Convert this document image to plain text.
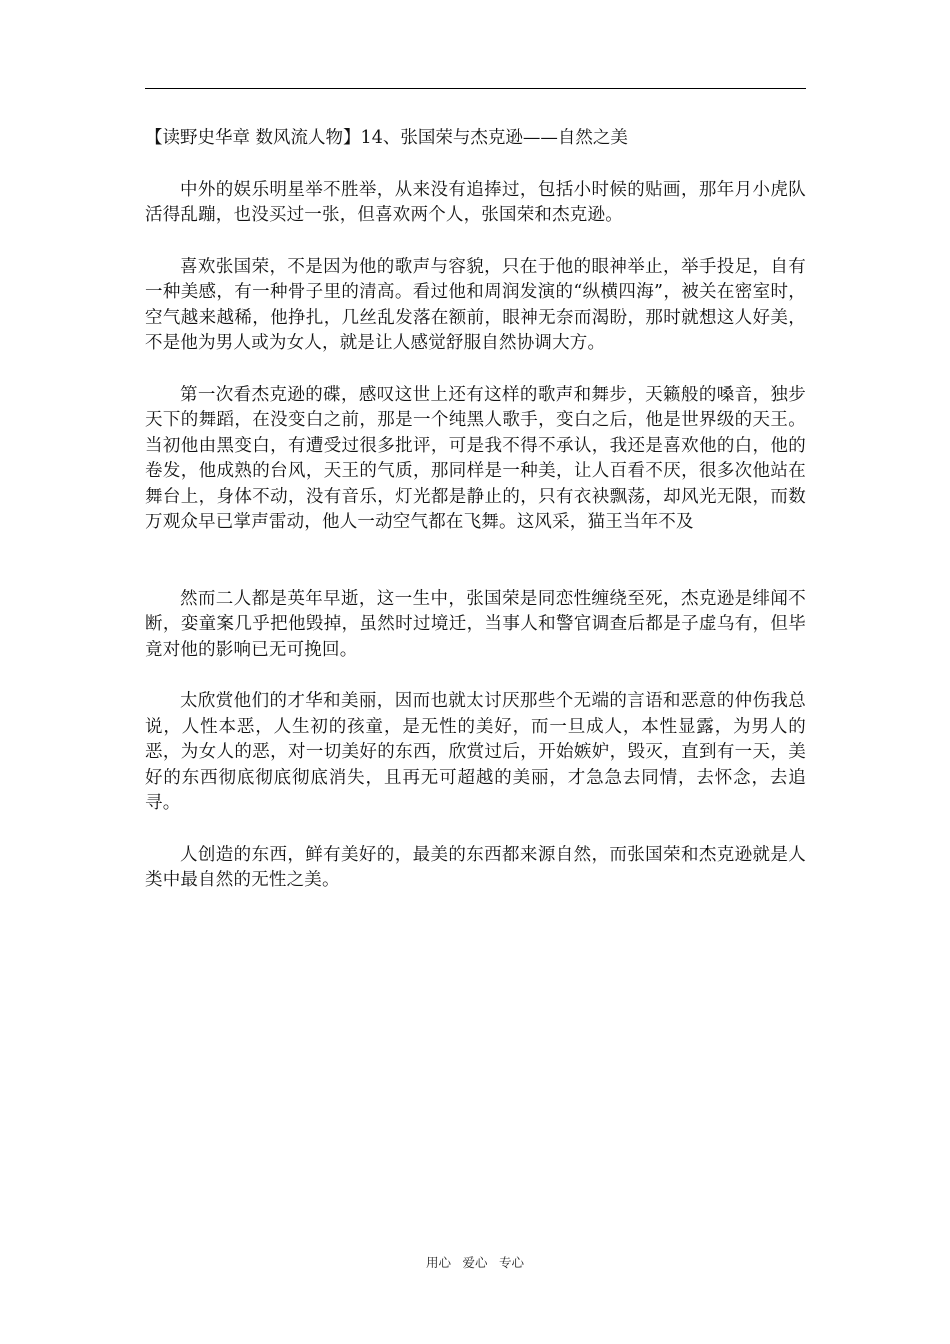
【读野史华章 数风流人物】14、张国荣与杰克逊——自然之美

中外的娱乐明星举不胜举，从来没有追捧过，包括小时候的贴画，那年月小虎队活得乱蹦，也没买过一张，但喜欢两个人，张国荣和杰克逊。

喜欢张国荣，不是因为他的歌声与容貌，只在于他的眼神举止，举手投足，自有一种美感，有一种骨子里的清高。看过他和周润发演的“纵横四海”，被关在密室时，空气越来越稀，他挣扎，几丝乱发落在额前，眼神无奈而渴盼，那时就想这人好美，不是他为男人或为女人，就是让人感觉舒服自然协调大方。

第一次看杰克逊的碟，感叹这世上还有这样的歌声和舞步，天籁般的嗓音，独步天下的舞蹈，在没变白之前，那是一个纯黑人歌手，变白之后，他是世界级的天王。当初他由黑变白，有遭受过很多批评，可是我不得不承认，我还是喜欢他的白，他的卷发，他成熟的台风，天王的气质，那同样是一种美，让人百看不厌，很多次他站在舞台上，身体不动，没有音乐，灯光都是静止的，只有衣袂飘荡，却风光无限，而数万观众早已掌声雷动，他人一动空气都在飞舞。这风采，猫王当年不及

然而二人都是英年早逝，这一生中，张国荣是同恋性缠绕至死，杰克逊是绯闻不断，娈童案几乎把他毁掉，虽然时过境迁，当事人和警官调查后都是子虚乌有，但毕竟对他的影响已无可挽回。

太欣赏他们的才华和美丽，因而也就太讨厌那些个无端的言语和恶意的仲伤我总说，人性本恶，人生初的孩童，是无性的美好，而一旦成人，本性显露，为男人的恶，为女人的恶，对一切美好的东西，欣赏过后，开始嫉妒，毁灭，直到有一天，美好的东西彻底彻底彻底消失，且再无可超越的美丽，才急急去同情，去怀念，去追寻。

人创造的东西，鲜有美好的，最美的东西都来源自然，而张国荣和杰克逊就是人类中最自然的无性之美。

用心 爱心 专心
